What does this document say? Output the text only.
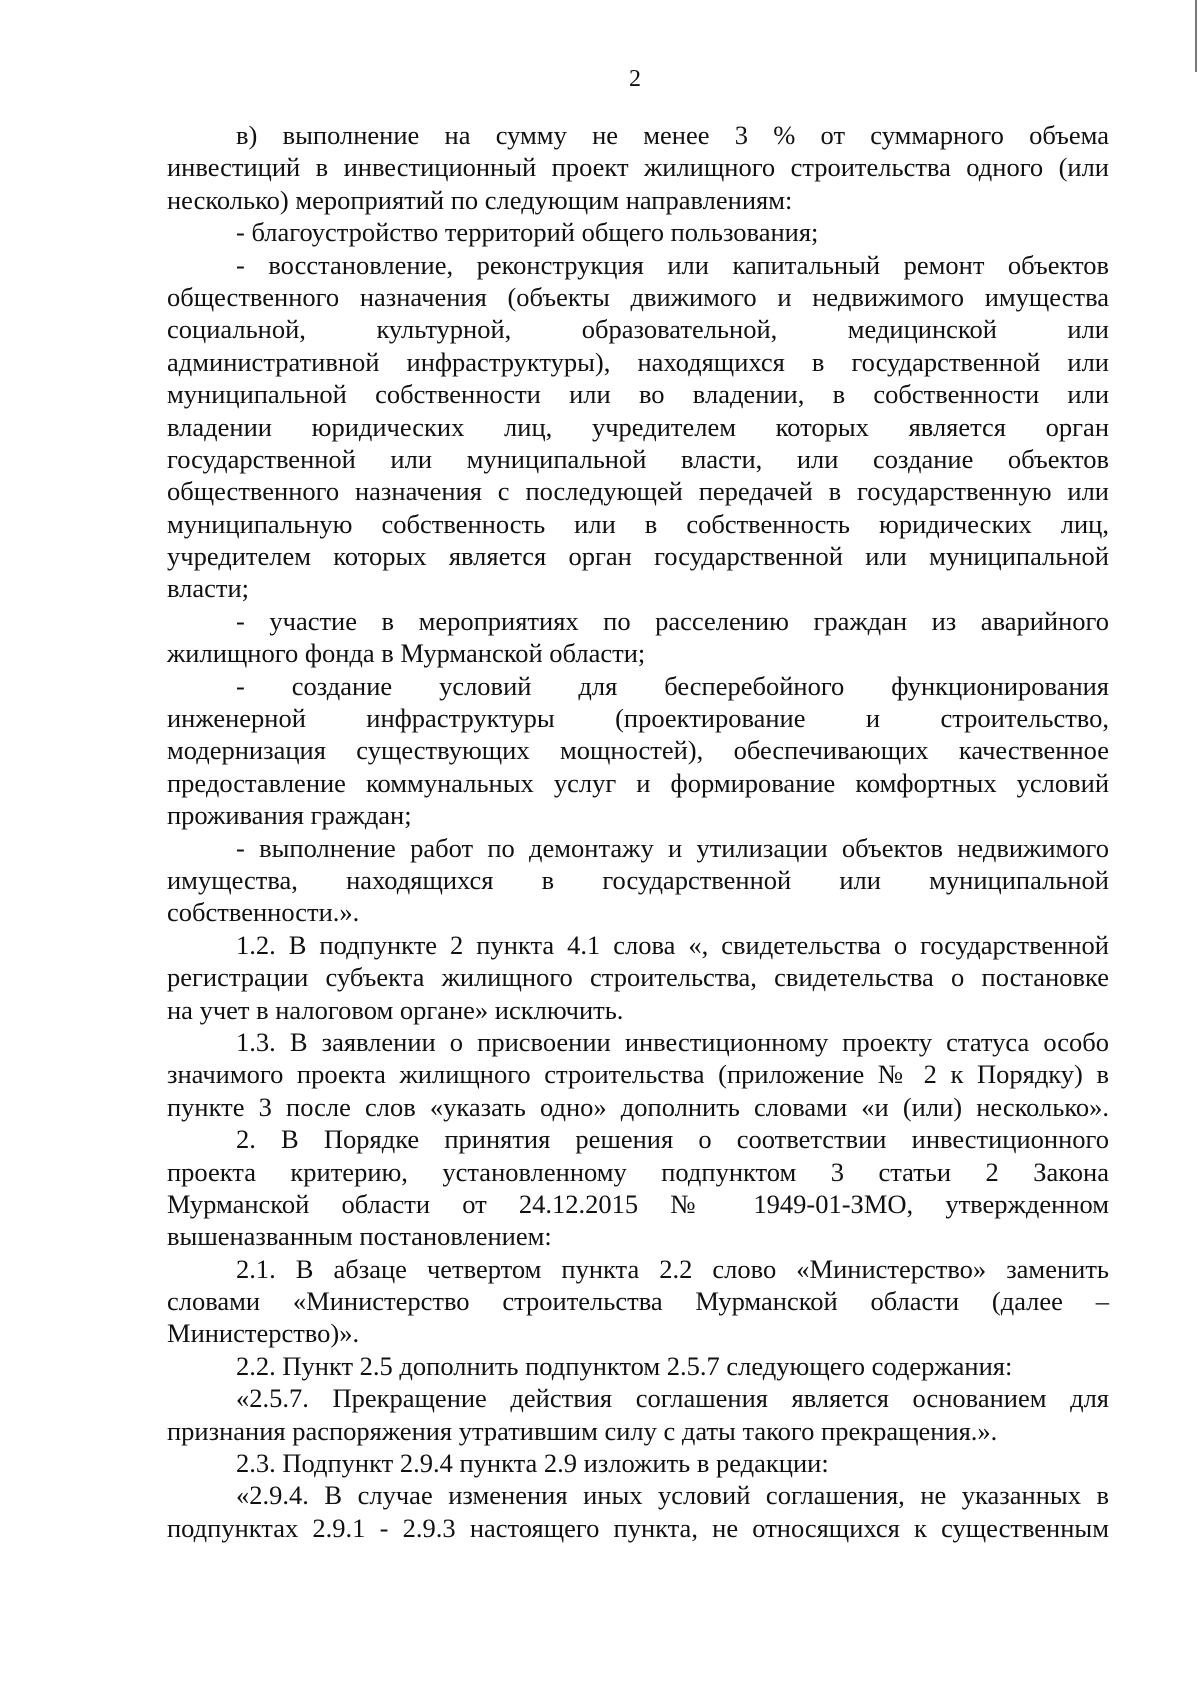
2
в) выполнение на сумму не менее 3 % от суммарного объема
инвестиций в инвестиционный проект жилищного строительства одного (или
несколько) мероприятий по следующим направлениям:
- благоустройство территорий общего пользования;
- восстановление, реконструкция или капитальный ремонт объектов
общественного назначения (объекты движимого и недвижимого имущества
социальной, культурной, образовательной, медицинской или
административной инфраструктуры), находящихся в государственной или
муниципальной собственности или во владении, в собственности или
владении юридических лиц, учредителем которых является орган
государственной или муниципальной власти, или создание объектов
общественного назначения с последующей передачей в государственную или
муниципальную собственность или в собственность юридических лиц,
учредителем которых является орган государственной или муниципальной
власти;
- участие в мероприятиях по расселению граждан из аварийного
жилищного фонда в Мурманской области;
- создание условий для бесперебойного функционирования
инженерной инфраструктуры (проектирование и строительство,
модернизация существующих мощностей), обеспечивающих качественное
предоставление коммунальных услуг и формирование комфортных условий
проживания граждан;
- выполнение работ по демонтажу и утилизации объектов недвижимого
имущества, находящихся в государственной или муниципальной
собственности.».
1.2. В подпункте 2 пункта 4.1 слова «, свидетельства о государственной
регистрации субъекта жилищного строительства, свидетельства о постановке
на учет в налоговом органе» исключить.
1.3. В заявлении о присвоении инвестиционному проекту статуса особо
значимого проекта жилищного строительства (приложение № 2 к Порядку) в
пункте 3 после слов «указать одно» дополнить словами «и (или) несколько».
2. В Порядке принятия решения о соответствии инвестиционного
проекта критерию, установленному подпунктом 3 статьи 2 Закона
Мурманской области от 24.12.2015 № 1949-01-ЗМО, утвержденном
вышеназванным постановлением:
2.1. В абзаце четвертом пункта 2.2 слово «Министерство» заменить
словами «Министерство строительства Мурманской области (далее –
Министерство)».
2.2. Пункт 2.5 дополнить подпунктом 2.5.7 следующего содержания:
«2.5.7. Прекращение действия соглашения является основанием для
признания распоряжения утратившим силу с даты такого прекращения.».
2.3. Подпункт 2.9.4 пункта 2.9 изложить в редакции:
«2.9.4. В случае изменения иных условий соглашения, не указанных в
подпунктах 2.9.1 - 2.9.3 настоящего пункта, не относящихся к существенным
